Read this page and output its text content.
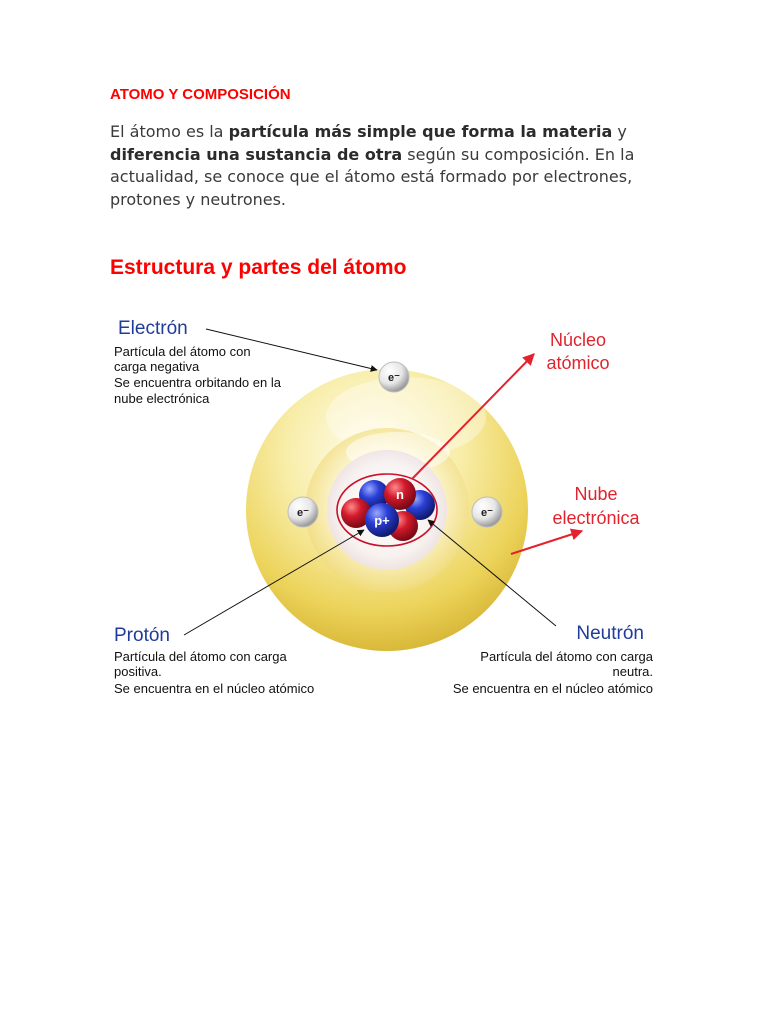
ATOMO Y COMPOSICIÓN

El átomo es la partícula más simple que forma la materia y diferencia una sustancia de otra según su composición. En la actualidad, se conoce que el átomo está formado por electrones, protones y neutrones.

Estructura y partes del átomo
n
p+
e⁻
e⁻	e⁻
Electrón
Partícula del átomo con
carga negativa
Se encuentra orbitando en la
nube electrónica
Núcleo
atómico
Nube
electrónica
Protón
Partícula del átomo con carga
positiva.
Se encuentra en el núcleo atómico
Neutrón
Partícula del átomo con carga
neutra.
Se encuentra en el núcleo atómico
